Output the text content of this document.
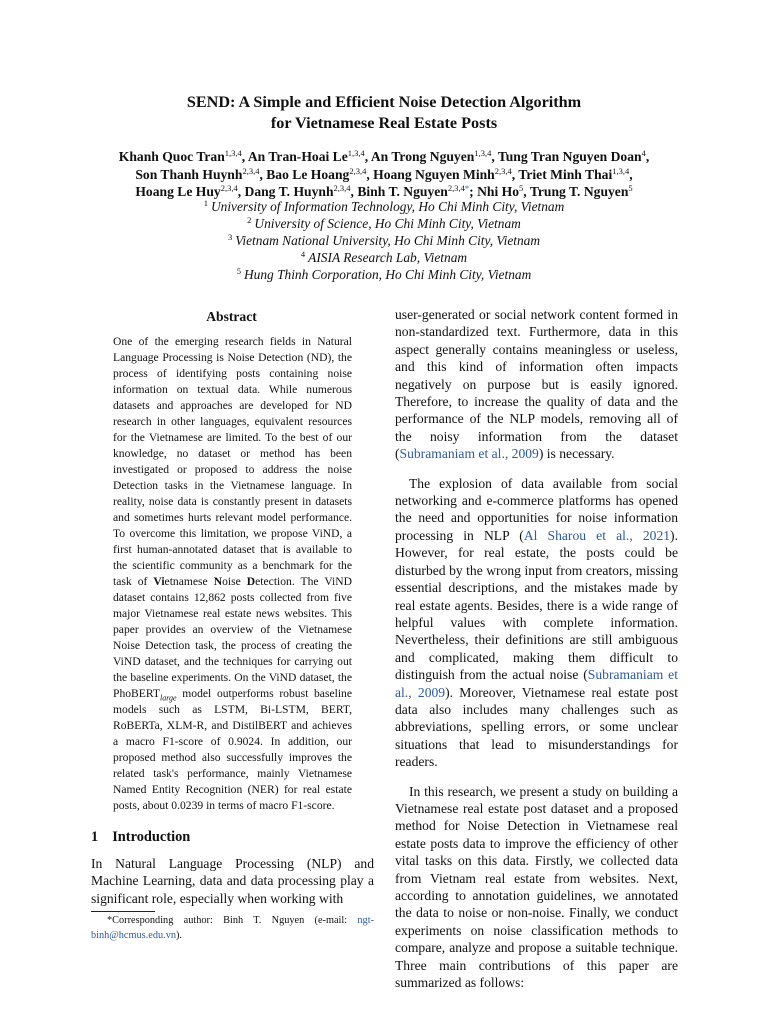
SEND: A Simple and Efficient Noise Detection Algorithm
for Vietnamese Real Estate Posts
Khanh Quoc Tran$^{1,3,4}$, An Tran-Hoai Le$^{1,3,4}$, An Trong Nguyen$^{1,3,4}$, Tung Tran Nguyen Doan$^4$,
Son Thanh Huynh$^{2,3,4}$, Bao Le Hoang$^{2,3,4}$, Hoang Nguyen Minh$^{2,3,4}$, Triet Minh Thai$^{1,3,4}$,
Hoang Le Huy$^{2,3,4}$, Dang T. Huynh$^{2,3,4}$, Binh T. Nguyen$^{2,3,4*}$; Nhi Ho$^5$, Trung T. Nguyen$^5$
$^1$ University of Information Technology, Ho Chi Minh City, Vietnam
$^2$ University of Science, Ho Chi Minh City, Vietnam
$^3$ Vietnam National University, Ho Chi Minh City, Vietnam
$^4$ AISIA Research Lab, Vietnam
$^5$ Hung Thinh Corporation, Ho Chi Minh City, Vietnam
Abstract
One of the emerging research fields in Natural Language Processing is Noise Detection (ND), the process of identifying posts containing noise information on textual data. While numerous datasets and approaches are developed for ND research in other languages, equivalent resources for the Vietnamese are limited. To the best of our knowledge, no dataset or method has been investigated or proposed to address the noise Detection tasks in the Vietnamese language. In reality, noise data is constantly present in datasets and sometimes hurts relevant model performance. To overcome this limitation, we propose ViND, a first human-annotated dataset that is available to the scientific community as a benchmark for the task of Vietnamese Noise Detection. The ViND dataset contains 12,862 posts collected from five major Vietnamese real estate news websites. This paper provides an overview of the Vietnamese Noise Detection task, the process of creating the ViND dataset, and the techniques for carrying out the baseline experiments. On the ViND dataset, the PhoBERT$_{large}$ model outperforms robust baseline models such as LSTM, Bi-LSTM, BERT, RoBERTa, XLM-R, and DistilBERT and achieves a macro F1-score of 0.9024. In addition, our proposed method also successfully improves the related task's performance, mainly Vietnamese Named Entity Recognition (NER) for real estate posts, about 0.0239 in terms of macro F1-score.
1 Introduction

In Natural Language Processing (NLP) and Machine Learning, data and data processing play a significant role, especially when working with

*Corresponding author: Binh T. Nguyen (e-mail: ngt-binh@hcmus.edu.vn).

user-generated or social network content formed in non-standardized text. Furthermore, data in this aspect generally contains meaningless or useless, and this kind of information often impacts negatively on purpose but is easily ignored. Therefore, to increase the quality of data and the performance of the NLP models, removing all of the noisy information from the dataset (Subramaniam et al., 2009) is necessary.

The explosion of data available from social networking and e-commerce platforms has opened the need and opportunities for noise information processing in NLP (Al Sharou et al., 2021). However, for real estate, the posts could be disturbed by the wrong input from creators, missing essential descriptions, and the mistakes made by real estate agents. Besides, there is a wide range of helpful values with complete information. Nevertheless, their definitions are still ambiguous and complicated, making them difficult to distinguish from the actual noise (Subramaniam et al., 2009). Moreover, Vietnamese real estate post data also includes many challenges such as abbreviations, spelling errors, or some unclear situations that lead to misunderstandings for readers.

In this research, we present a study on building a Vietnamese real estate post dataset and a proposed method for Noise Detection in Vietnamese real estate posts data to improve the efficiency of other vital tasks on this data. Firstly, we collected data from Vietnam real estate from websites. Next, according to annotation guidelines, we annotated the data to noise or non-noise. Finally, we conduct experiments on noise classification methods to compare, analyze and propose a suitable technique. Three main contributions of this paper are summarized as follows:
